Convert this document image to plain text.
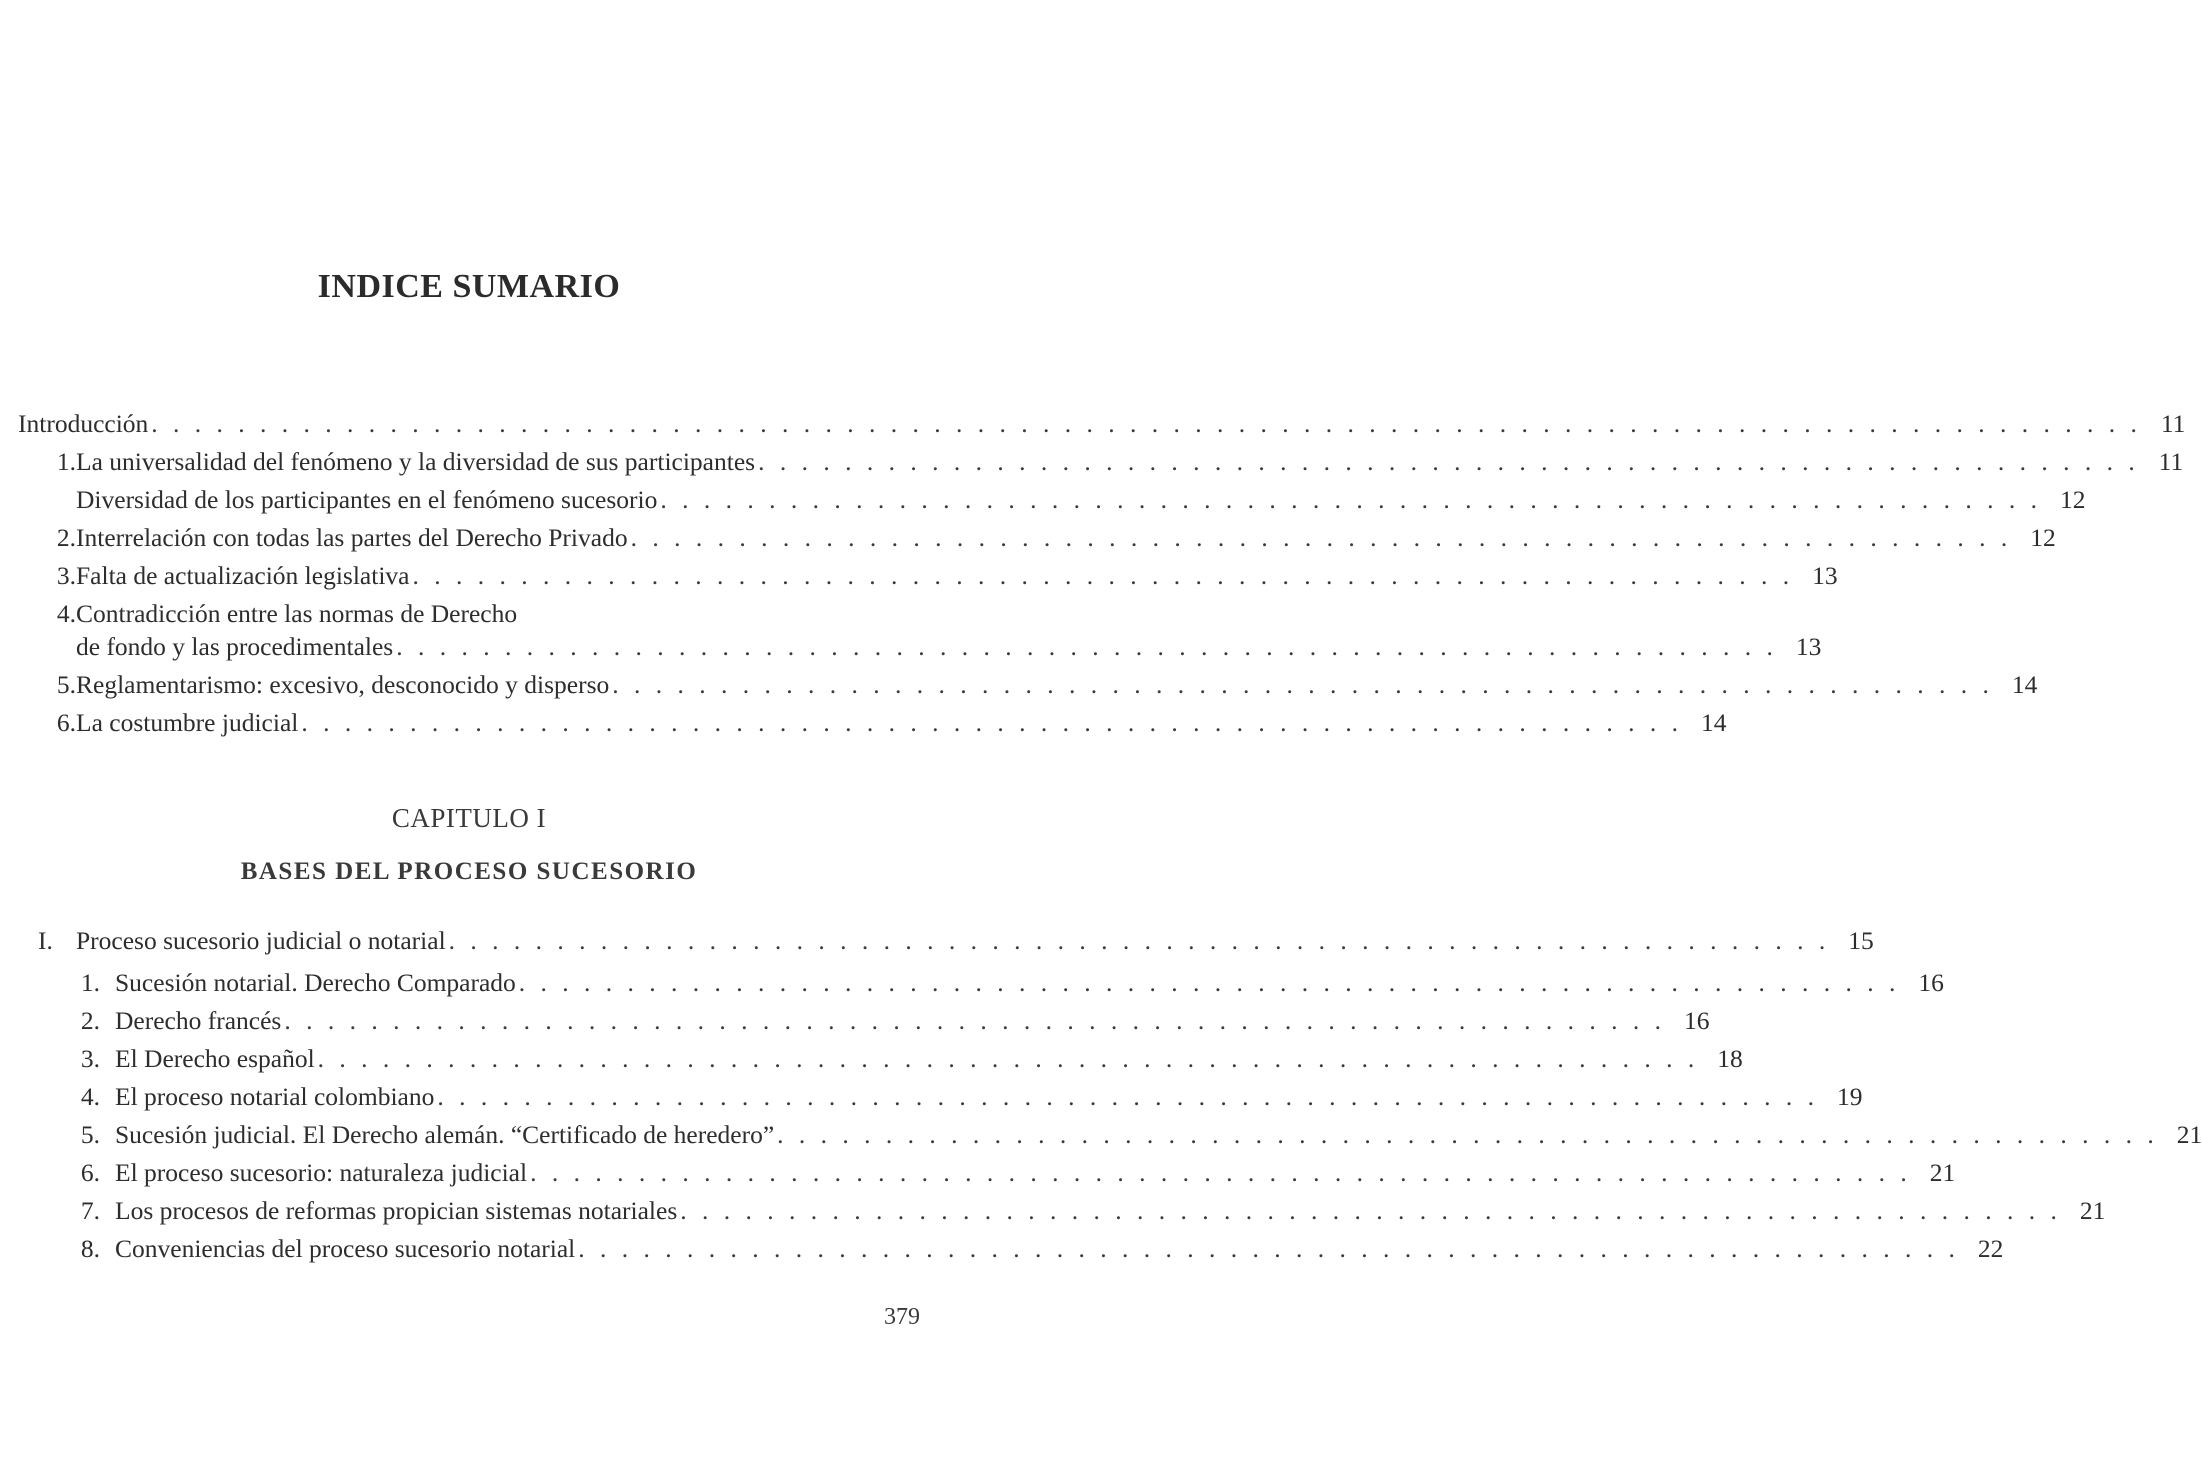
INDICE SUMARIO
Introducción . . . . . . . . . . . . . . . . . . . . . . . . . . . . . . . . . . . . . . . . . . . . . . . . . . . . . . . . . . . . . . . . . . . . . . . . . . . . . . . . . . . . . . . . . . . . 11
1. La universalidad del fenómeno y la diversidad de sus participantes . . . . . . . . . . . . . . . . . . . . . . . . . . . . . . . . . . . . . . . . . . . . . . . . . . . . . . . . . . . . . . . . 11
Diversidad de los participantes en el fenómeno sucesorio . . . . . . . . . . . . . . . . . . . . . . . . . . . . . . . . . . . . . . . . . . . . . . . . . . . . . . . . . . . . . . . . 12
2. Interrelación con todas las partes del Derecho Privado . . . . . . . . . . . . . . . . . . . . . . . . . . . . . . . . . . . . . . . . . . . . . . . . . . . . . . . . . . . . . . . . 12
3. Falta de actualización legislativa . . . . . . . . . . . . . . . . . . . . . . . . . . . . . . . . . . . . . . . . . . . . . . . . . . . . . . . . . . . . . . . . 13
4.Contradicción entre las normas de Derecho
de fondo y las procedimentales . . . . . . . . . . . . . . . . . . . . . . . . . . . . . . . . . . . . . . . . . . . . . . . . . . . . . . . . . . . . . . . . 13
5. Reglamentarismo: excesivo, desconocido y disperso . . . . . . . . . . . . . . . . . . . . . . . . . . . . . . . . . . . . . . . . . . . . . . . . . . . . . . . . . . . . . . . . 14
6. La costumbre judicial . . . . . . . . . . . . . . . . . . . . . . . . . . . . . . . . . . . . . . . . . . . . . . . . . . . . . . . . . . . . . . . . 14
CAPITULO I
BASES DEL PROCESO SUCESORIO
I. Proceso sucesorio judicial o notarial . . . . . . . . . . . . . . . . . . . . . . . . . . . . . . . . . . . . . . . . . . . . . . . . . . . . . . . . . . . . . . . . 15
1. Sucesión notarial. Derecho Comparado . . . . . . . . . . . . . . . . . . . . . . . . . . . . . . . . . . . . . . . . . . . . . . . . . . . . . . . . . . . . . . . . 16
2. Derecho francés . . . . . . . . . . . . . . . . . . . . . . . . . . . . . . . . . . . . . . . . . . . . . . . . . . . . . . . . . . . . . . . . 16
3. El Derecho español . . . . . . . . . . . . . . . . . . . . . . . . . . . . . . . . . . . . . . . . . . . . . . . . . . . . . . . . . . . . . . . . 18
4. El proceso notarial colombiano . . . . . . . . . . . . . . . . . . . . . . . . . . . . . . . . . . . . . . . . . . . . . . . . . . . . . . . . . . . . . . . . 19
5. Sucesión judicial. El Derecho alemán. “Certificado de heredero” . . . . . . . . . . . . . . . . . . . . . . . . . . . . . . . . . . . . . . . . . . . . . . . . . . . . . . . . . . . . . . . . 21
6. El proceso sucesorio: naturaleza judicial . . . . . . . . . . . . . . . . . . . . . . . . . . . . . . . . . . . . . . . . . . . . . . . . . . . . . . . . . . . . . . . . 21
7. Los procesos de reformas propician sistemas notariales . . . . . . . . . . . . . . . . . . . . . . . . . . . . . . . . . . . . . . . . . . . . . . . . . . . . . . . . . . . . . . . . 21
8. Conveniencias del proceso sucesorio notarial . . . . . . . . . . . . . . . . . . . . . . . . . . . . . . . . . . . . . . . . . . . . . . . . . . . . . . . . . . . . . . . . 22
379
